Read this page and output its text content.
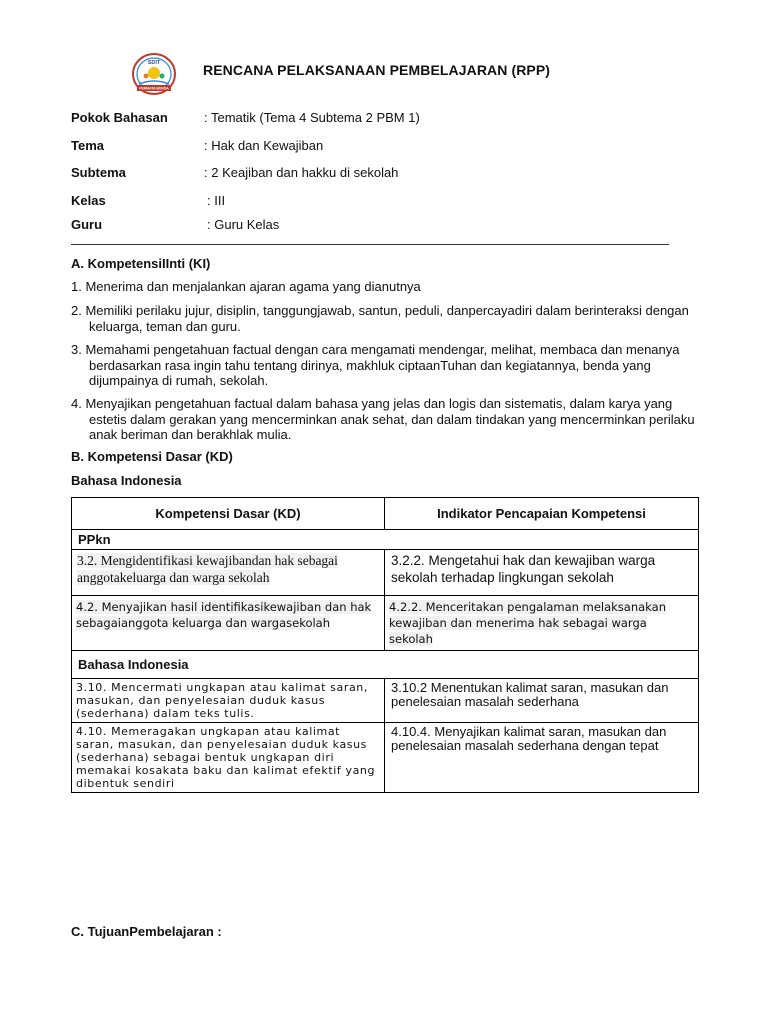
SDIT
PERMATA BUNDA
RENCANA PELAKSANAAN PEMBELAJARAN (RPP)
Pokok Bahasan	: Tematik (Tema 4 Subtema 2 PBM 1)
Tema	: Hak dan Kewajiban
Subtema	: 2 Keajiban dan hakku di sekolah
Kelas	: III
Guru	: Guru Kelas
A. KompetensiIInti (KI)
1. Menerima dan menjalankan ajaran agama yang dianutnya
2. Memiliki perilaku jujur, disiplin, tanggungjawab, santun, peduli, danpercayadiri dalam berinteraksi dengan keluarga, teman dan guru.
3. Memahami pengetahuan factual dengan cara mengamati mendengar, melihat, membaca dan menanya berdasarkan rasa ingin tahu tentang dirinya, makhluk ciptaanTuhan dan kegiatannya, benda yang dijumpainya di rumah, sekolah.
4. Menyajikan pengetahuan factual dalam bahasa yang jelas dan logis dan sistematis, dalam karya yang estetis dalam gerakan yang mencerminkan anak sehat, dan dalam tindakan yang mencerminkan perilaku anak beriman dan berakhlak mulia.
B. Kompetensi Dasar (KD)
Bahasa Indonesia
Kompetensi Dasar (KD)	Indikator Pencapaian Kompetensi
PPkn	
3.2. Mengidentifikasi kewajibandan hak sebagai anggotakeluarga dan warga sekolah	3.2.2. Mengetahui hak dan kewajiban warga sekolah terhadap lingkungan sekolah
4.2. Menyajikan hasil identifikasikewajiban dan hak sebagaianggota keluarga dan wargasekolah	4.2.2. Menceritakan pengalaman melaksanakan kewajiban dan menerima hak sebagai warga sekolah
Bahasa Indonesia	
3.10. Mencermati ungkapan atau kalimat saran, masukan, dan penyelesaian duduk kasus (sederhana) dalam teks tulis.	3.10.2 Menentukan kalimat saran, masukan dan penelesaian masalah sederhana
4.10. Memeragakan ungkapan atau kalimat saran, masukan, dan penyelesaian duduk kasus (sederhana) sebagai bentuk ungkapan diri memakai kosakata baku dan kalimat efektif yang dibentuk sendiri	4.10.4. Menyajikan kalimat saran, masukan dan penelesaian masalah sederhana dengan tepat
C. TujuanPembelajaran :
